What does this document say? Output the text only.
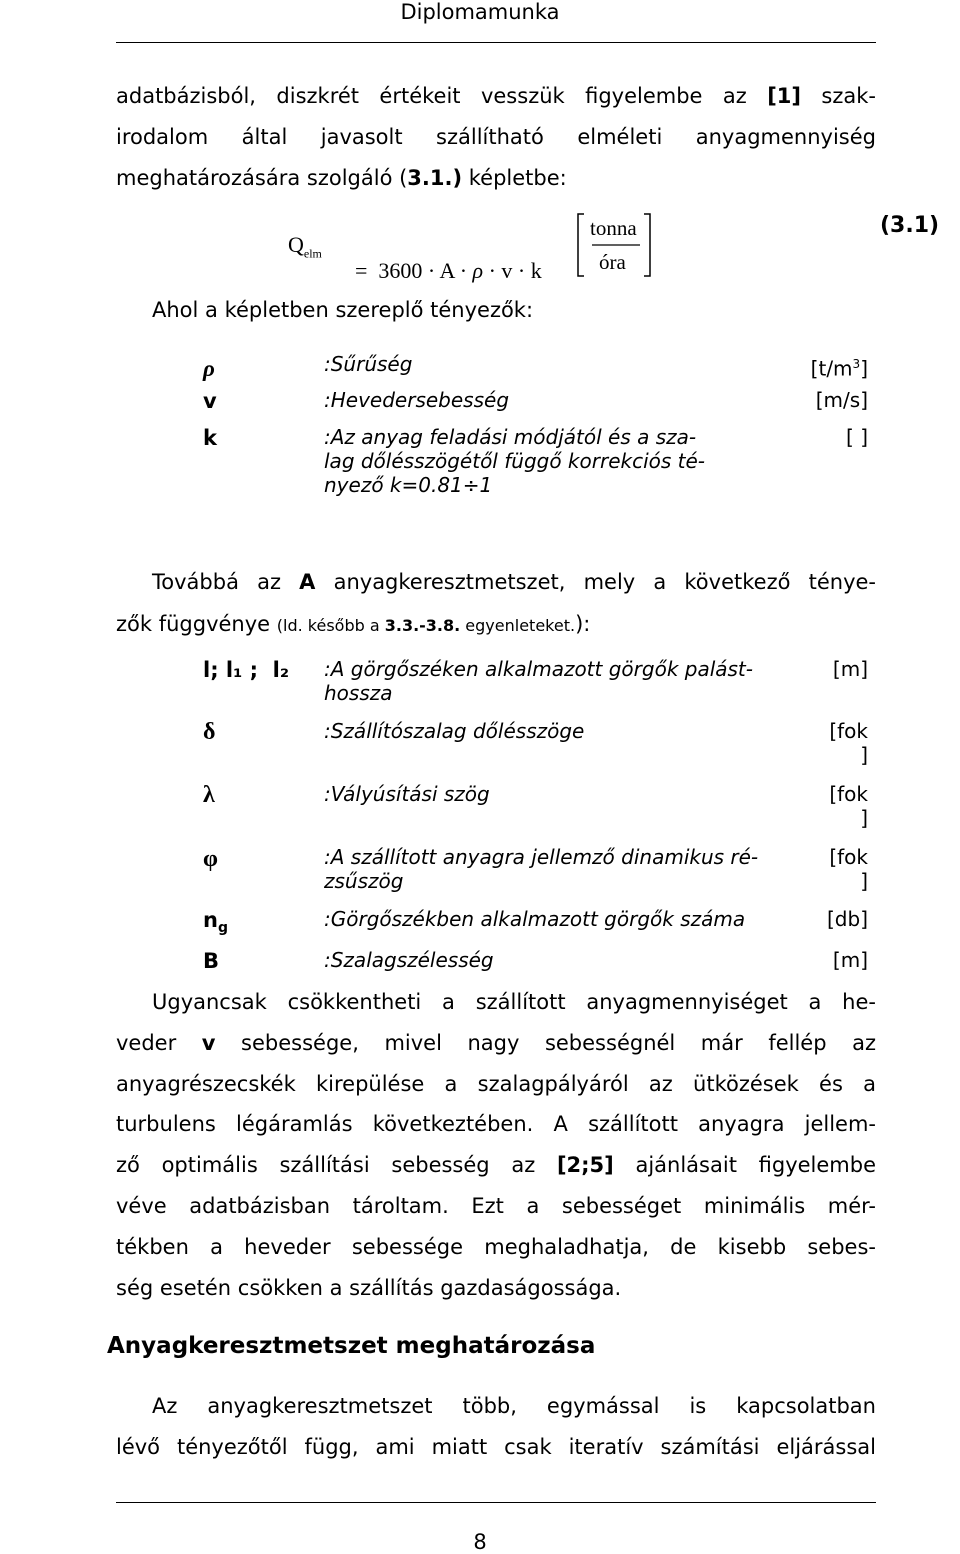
Diplomamunka
adatbázisból, diszkrét értékeit vesszük figyelembe az [1] szak-
irodalom által javasolt szállítható elméleti anyagmennyiség
meghatározására szolgáló (3.1.) képletbe:
$Q_{elm}$

=  3600 · A · ρ · v · k

tonna
óra
(3.1)
Ahol a képletben szereplő tényezők:
ρ	:Sűrűség	$[t/m^3]$
v	:Hevedersebesség	[m/s]
k	:Az anyag feladási módjától és a sza-
lag dőlésszögétől függő korrekciós té-
nyező k=0.81÷1
[ ]
Továbbá az A anyagkeresztmetszet, mely a következő ténye-
zők függvénye (ld. később a 3.3.-3.8. egyenleteket.):
l; l₁ ;  l₂ :A görgőszéken alkalmazott görgők palást-
hossza
[m]
δ	:Szállítószalag dőlésszöge	[fok
]
λ	:Vályúsítási szög	[fok
]
φ	:A szállított anyagra jellemző dinamikus ré-
zsűszög
[fok
]
$n_g$	:Görgőszékben alkalmazott görgők száma	[db]
B	:Szalagszélesség	[m]
Ugyancsak csökkentheti a szállított anyagmennyiséget a he-
veder v sebessége, mivel nagy sebességnél már fellép az
anyagrészecskék kirepülése a szalagpályáról az ütközések és a
turbulens légáramlás következtében. A szállított anyagra jellem-
ző optimális szállítási sebesség az [2;5] ajánlásait figyelembe
véve adatbázisban tároltam. Ezt a sebességet minimális mér-
tékben a heveder sebessége meghaladhatja, de kisebb sebes-
ség esetén csökken a szállítás gazdaságossága.
Anyagkeresztmetszet meghatározása
Az anyagkeresztmetszet több, egymással is kapcsolatban
lévő tényezőtől függ, ami miatt csak iteratív számítási eljárással
8
